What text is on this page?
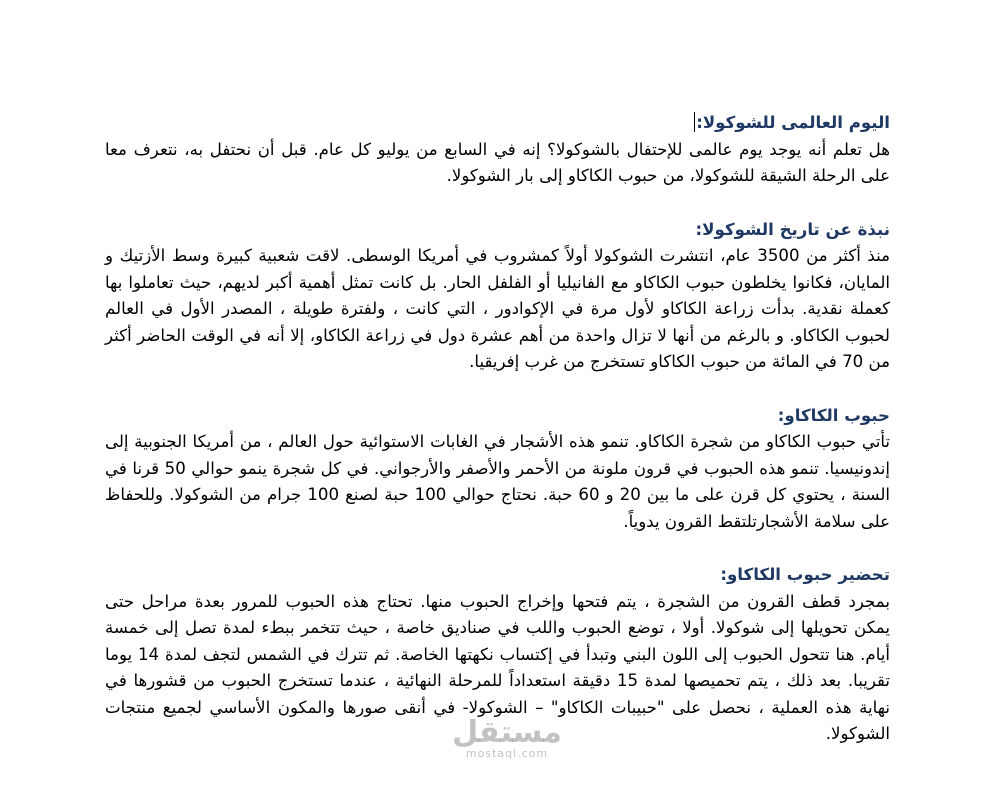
اليوم العالمى للشوكولا:
هل تعلم أنه يوجد يوم عالمى للإحتفال بالشوكولا؟ إنه في السابع من يوليو كل عام. قبل أن نحتفل به، نتعرف معا على الرحلة الشيقة للشوكولا، من حبوب الكاكاو إلى بار الشوكولا.
نبذة عن تاريخ الشوكولا:
منذ أكثر من 3500 عام، انتشرت الشوكولا أولاً كمشروب في أمريكا الوسطى. لاقت شعبية كبيرة وسط الأزتيك و المايان، فكانوا يخلطون حبوب الكاكاو مع الفانيليا أو الفلفل الحار. بل كانت تمثل أهمية أكبر لديهم، حيث تعاملوا بها كعملة نقدية. بدأت زراعة الكاكاو لأول مرة في الإكوادور ، التي كانت ، ولفترة طويلة ، المصدر الأول في العالم لحبوب الكاكاو. و بالرغم من أنها لا تزال واحدة من أهم عشرة دول في زراعة الكاكاو، إلا أنه في الوقت الحاضر أكثر من 70 في المائة من حبوب الكاكاو تستخرج من غرب إفريقيا.
حبوب الكاكاو:
تأتي حبوب الكاكاو من شجرة الكاكاو. تنمو هذه الأشجار في الغابات الاستوائية حول العالم ، من أمريكا الجنوبية إلى إندونيسيا. تنمو هذه الحبوب في قرون ملونة من الأحمر والأصفر والأرجواني. في كل شجرة ينمو حوالي 50 قرنا في السنة ، يحتوي كل قرن على ما بين 20 و 60 حبة. نحتاج حوالي 100 حبة لصنع 100 جرام من الشوكولا. وللحفاظ على سلامة الأشجارتلتقط القرون يدوياً.
تحضير حبوب الكاكاو:
بمجرد قطف القرون من الشجرة ، يتم فتحها وإخراج الحبوب منها. تحتاج هذه الحبوب للمرور بعدة مراحل حتى يمكن تحويلها إلى شوكولا. أولا ، توضع الحبوب واللب في صناديق خاصة ، حيث تتخمر ببطء لمدة تصل إلى خمسة أيام. هنا تتحول الحبوب إلى اللون البني وتبدأ في إكتساب نكهتها الخاصة. ثم تترك في الشمس لتجف لمدة 14 يوما تقريبا. بعد ذلك ، يتم تحميصها لمدة 15 دقيقة استعداداً للمرحلة النهائية ، عندما تستخرج الحبوب من قشورها في نهاية هذه العملية ، نحصل على "حبيبات الكاكاو" – الشوكولا- في أنقى صورها والمكون الأساسي لجميع منتجات الشوكولا.
مستقل
mostaql.com
